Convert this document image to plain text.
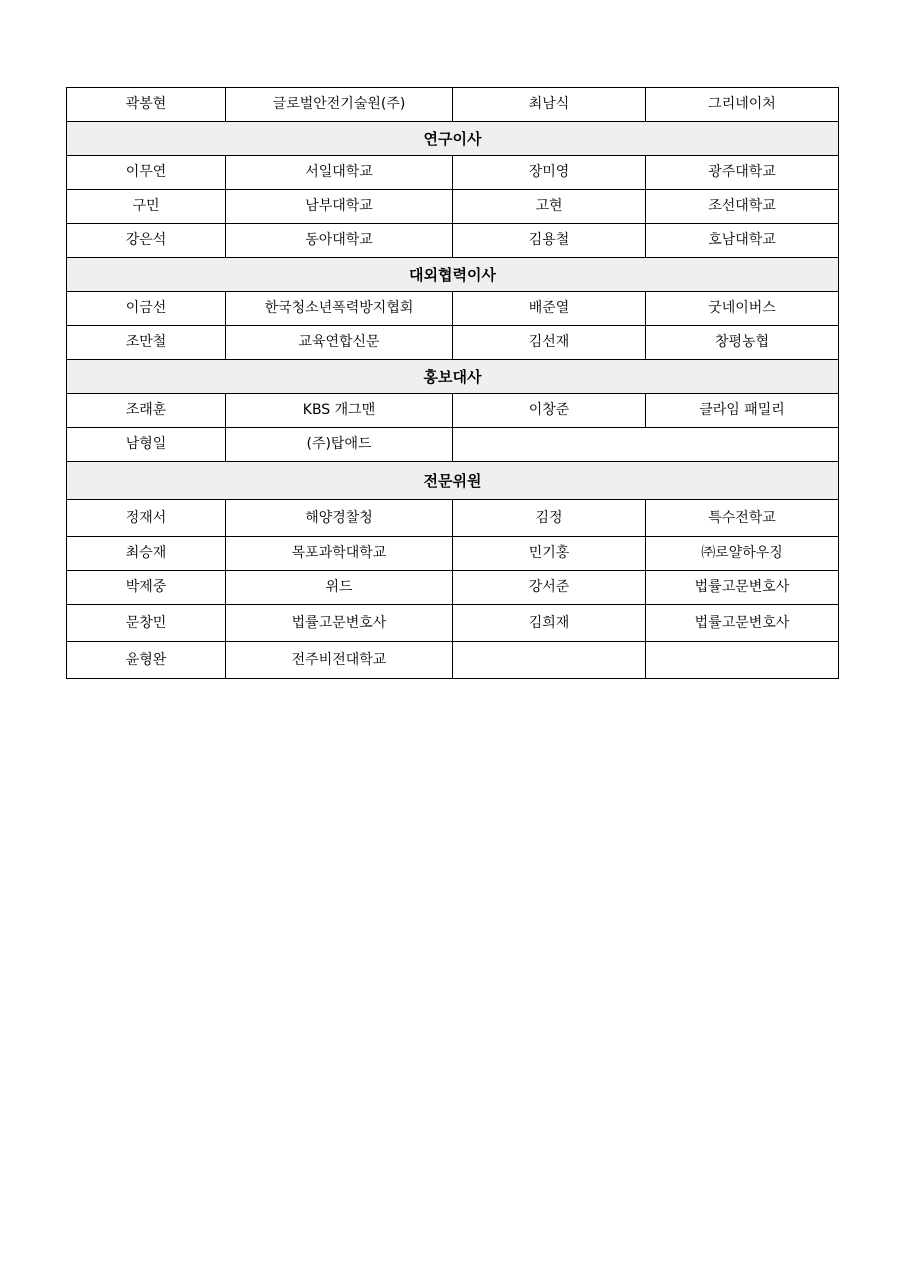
곽봉현	글로벌안전기술원(주)	최남식	그리네이처
연구이사			
이무연	서일대학교	장미영	광주대학교
구민	남부대학교	고현	조선대학교
강은석	동아대학교	김용철	호남대학교
대외협력이사			
이금선	한국청소년폭력방지협회	배준열	굿네이버스
조만철	교육연합신문	김선재	창평농협
홍보대사			
조래훈	KBS 개그맨	이창준	클라임 패밀리
남형일	(주)탑애드		
전문위원			
정재서	해양경찰청	김정	특수전학교
최승재	목포과학대학교	민기홍	㈜로얄하우징
박제중	위드	강서준	법률고문변호사
문창민	법률고문변호사	김희재	법률고문변호사
윤형완	전주비전대학교		
